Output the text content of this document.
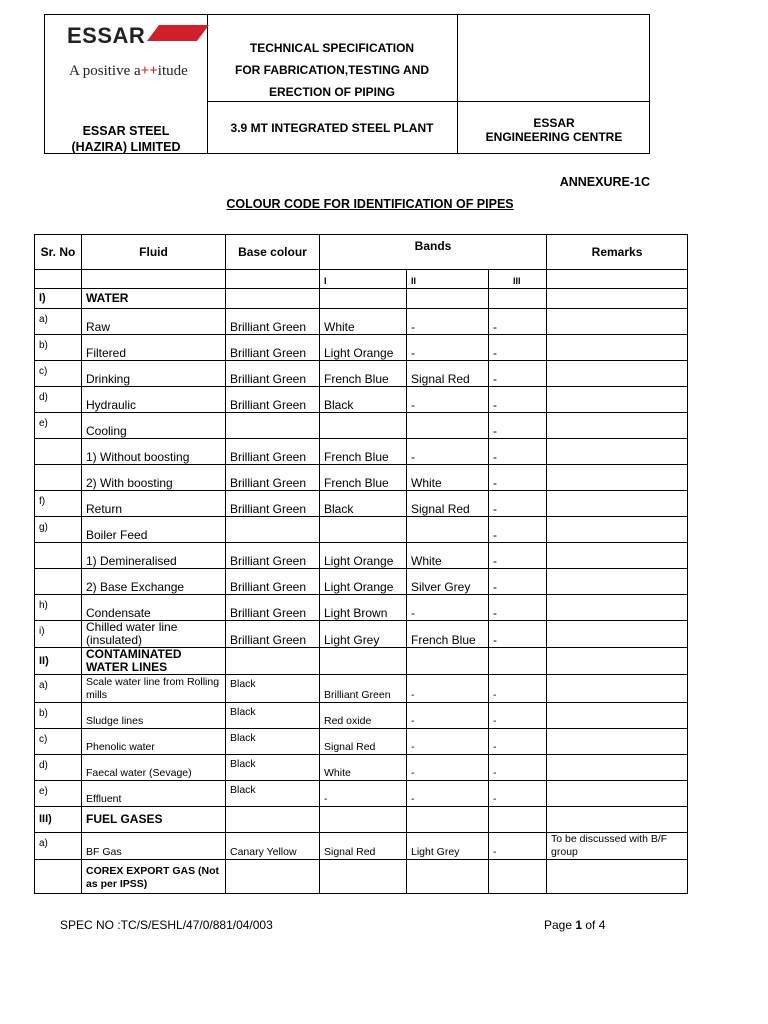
ESSAR
A positive a++itude
ESSAR STEEL
(HAZIRA) LIMITED
TECHNICAL SPECIFICATION
FOR FABRICATION,TESTING AND
ERECTION OF PIPING
3.9 MT INTEGRATED STEEL PLANT	ESSAR
ENGINEERING CENTRE
ANNEXURE-1C
COLOUR CODE FOR IDENTIFICATION OF PIPES
Sr. No	Fluid	Base colour	Bands			Remarks
			I	II	III	
I)	WATER					
a)	Raw	Brilliant Green	White	-	-	
b)	Filtered	Brilliant Green	Light Orange	-	-	
c)	Drinking	Brilliant Green	French Blue	Signal Red	-	
d)	Hydraulic	Brilliant Green	Black	-	-	
e)	Cooling				-	
	1) Without boosting	Brilliant Green	French Blue	-	-	
	2) With boosting	Brilliant Green	French Blue	White	-	
f)	Return	Brilliant Green	Black	Signal Red	-	
g)	Boiler Feed				-	
	1) Demineralised	Brilliant Green	Light Orange	White	-	
	2) Base Exchange	Brilliant Green	Light Orange	Silver Grey	-	
h)	Condensate	Brilliant Green	Light Brown	-	-	
i)	Chilled water line (insulated)	Brilliant Green	Light Grey	French Blue	-	
II)	CONTAMINATED WATER LINES					
a)	Scale water line from Rolling mills	Black	Brilliant Green	-	-	
b)	Sludge lines	Black	Red oxide	-	-	
c)	Phenolic water	Black	Signal Red	-	-	
d)	Faecal water (Sevage)	Black	White	-	-	
e)	Effluent	Black	-	-	-	
III)	FUEL GASES					
a)	BF Gas	Canary Yellow	Signal Red	Light Grey	-	To be discussed with B/F group
	COREX EXPORT GAS (Not as per IPSS)					
SPEC NO :TC/S/ESHL/47/0/881/04/003	Page 1 of 4
